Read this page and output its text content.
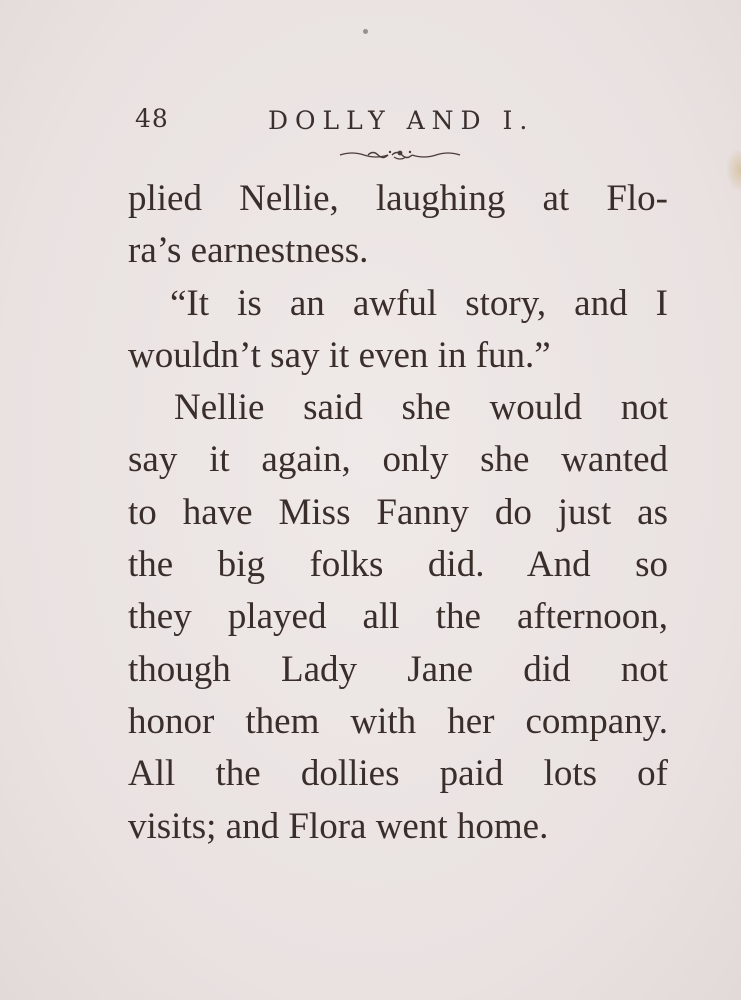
48	DOLLY AND I.
plied Nellie, laughing at Flo-
ra’s earnestness.
“It is an awful story, and I
wouldn’t say it even in fun.”
Nellie said she would not
say it again, only she wanted
to have Miss Fanny do just as
the big folks did. And so
they played all the afternoon,
though Lady Jane did not
honor them with her company.
All the dollies paid lots of
visits; and Flora went home.
